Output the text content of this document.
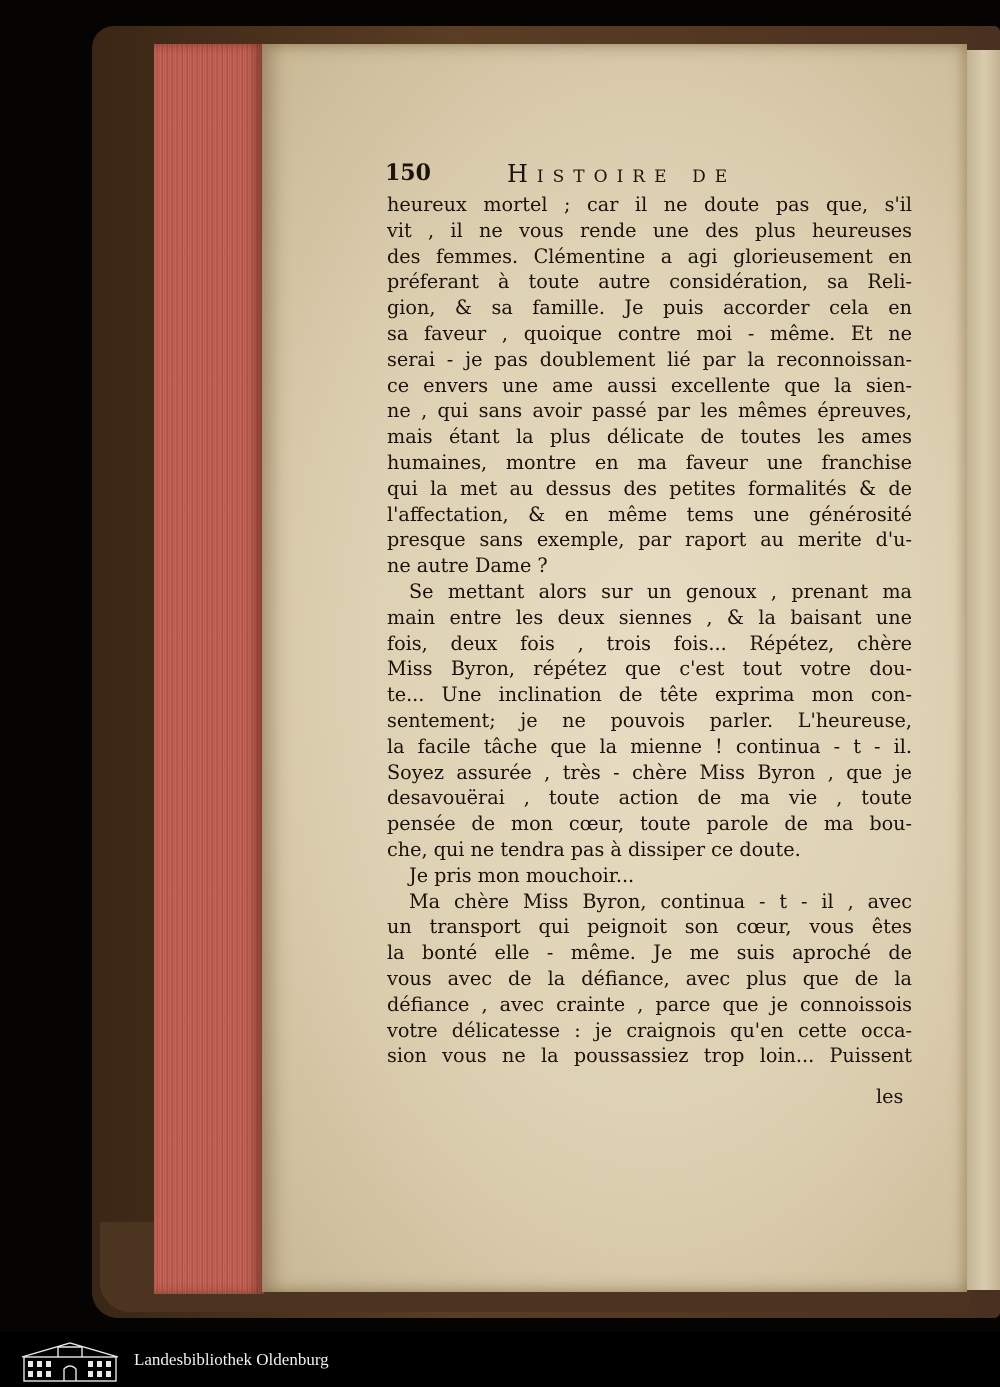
150	Histoire de
heureux mortel ; car il ne doute pas que, s'il
vit , il ne vous rende une des plus heureuses
des femmes. Clémentine a agi glorieusement en
préferant à toute autre considération, sa Reli-
gion, & sa famille. Je puis accorder cela en
sa faveur , quoique contre moi - même. Et ne
serai - je pas doublement lié par la reconnoissan-
ce envers une ame aussi excellente que la sien-
ne , qui sans avoir passé par les mêmes épreuves,
mais étant la plus délicate de toutes les ames
humaines, montre en ma faveur une franchise
qui la met au dessus des petites formalités & de
l'affectation, & en même tems une générosité
presque sans exemple, par raport au merite d'u-
ne autre Dame ?
Se mettant alors sur un genoux , prenant ma
main entre les deux siennes , & la baisant une
fois, deux fois , trois fois... Répétez, chère
Miss Byron, répétez que c'est tout votre dou-
te... Une inclination de tête exprima mon con-
sentement; je ne pouvois parler. L'heureuse,
la facile tâche que la mienne ! continua - t - il.
Soyez assurée , très - chère Miss Byron , que je
desavouërai , toute action de ma vie , toute
pensée de mon cœur, toute parole de ma bou-
che, qui ne tendra pas à dissiper ce doute.
Je pris mon mouchoir...
Ma chère Miss Byron, continua - t - il , avec
un transport qui peignoit son cœur, vous êtes
la bonté elle - même. Je me suis aproché de
vous avec de la défiance, avec plus que de la
défiance , avec crainte , parce que je connoissois
votre délicatesse : je craignois qu'en cette occa-
sion vous ne la poussassiez trop loin... Puissent
les
Landesbibliothek Oldenburg
